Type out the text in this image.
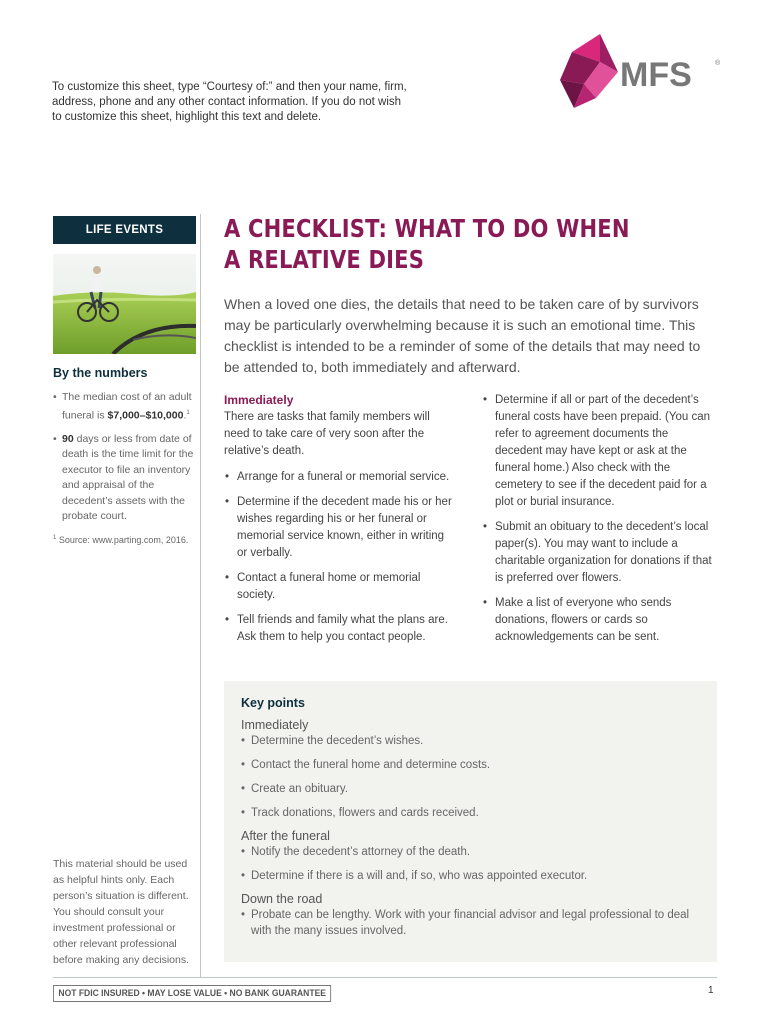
To customize this sheet, type “Courtesy of:” and then your name, firm, address, phone and any other contact information. If you do not wish to customize this sheet, highlight this text and delete.

MFS	®
LIFE EVENTS
By the numbers
• The median cost of an adult funeral is $7,000–$10,000.$^1$
• 90 days or less from date of death is the time limit for the executor to file an inventory and appraisal of the decedent’s assets with the probate court.
$^1$ Source: www.parting.com, 2016.

This material should be used as helpful hints only. Each person’s situation is different. You should consult your investment professional or other relevant professional before making any decisions.

A CHECKLIST: WHAT TO DO WHEN
A RELATIVE DIES

When a loved one dies, the details that need to be taken care of by survivors may be particularly overwhelming because it is such an emotional time. This checklist is intended to be a reminder of some of the details that may need to be attended to, both immediately and afterward.

Immediately

There are tasks that family members will need to take care of very soon after the relative’s death.

• Arrange for a funeral or memorial service.
• Determine if the decedent made his or her wishes regarding his or her funeral or memorial service known, either in writing or verbally.
• Contact a funeral home or memorial society.
• Tell friends and family what the plans are. Ask them to help you contact people.
• Determine if all or part of the decedent’s funeral costs have been prepaid. (You can refer to agreement documents the decedent may have kept or ask at the funeral home.) Also check with the cemetery to see if the decedent paid for a plot or burial insurance.
• Submit an obituary to the decedent’s local paper(s). You may want to include a charitable organization for donations if that is preferred over flowers.
• Make a list of everyone who sends donations, flowers or cards so acknowledgements can be sent.
Key points
Immediately
• Determine the decedent’s wishes.
• Contact the funeral home and determine costs.
• Create an obituary.
• Track donations, flowers and cards received.
After the funeral
• Notify the decedent’s attorney of the death.
• Determine if there is a will and, if so, who was appointed executor.
Down the road
• Probate can be lengthy. Work with your financial advisor and legal professional to deal with the many issues involved.
NOT FDIC INSURED • MAY LOSE VALUE • NO BANK GUARANTEE	1
